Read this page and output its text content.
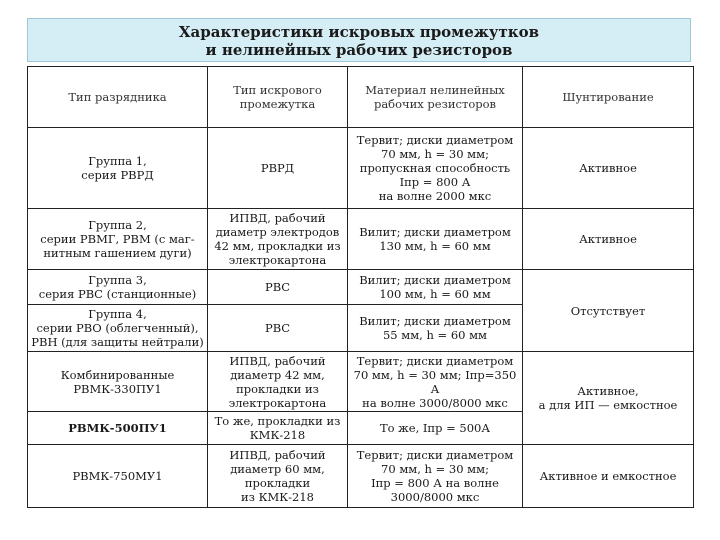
Характеристики искровых промежутков
и нелинейных рабочих резисторов
Тип разрядника	Тип искрового
промежутка	Материал нелинейных
рабочих резисторов	Шунтирование
Группа 1,
серия РВРД	РВРД	Тервит; диски диаметром
70 мм, h = 30 мм;
пропускная способность
Iпр = 800 А
на волне 2000 мкс	Активное
Группа 2,
серии РВМГ, РВМ (с маг-
нитным гашением дуги)	ИПВД, рабочий
диаметр электродов
42 мм, прокладки из
электрокартона	Вилит; диски диаметром
130 мм, h = 60 мм	Активное
Группа 3,
серия РВС (станционные)	РВС	Вилит; диски диаметром
100 мм, h = 60 мм	Отсутствует
Группа 4,
серии РВО (облегченный),
РВН (для защиты нейтрали)	РВС	Вилит; диски диаметром
55 мм, h = 60 мм	
Комбинированные
РВМК-330ПУ1	ИПВД, рабочий
диаметр 42 мм,
прокладки из
электрокартона	Тервит; диски диаметром
70 мм, h = 30 мм; Iпр=350 А
на волне 3000/8000 мкс	Активное,
а для ИП — емкостное
РВМК-500ПУ1	То же, прокладки из
КМК-218	То же, Iпр = 500А	
РВМК-750МУ1	ИПВД, рабочий
диаметр 60 мм,
прокладки
из КМК-218	Тервит; диски диаметром
70 мм, h = 30 мм;
Iпр = 800 А на волне
3000/8000 мкс	Активное и емкостное
